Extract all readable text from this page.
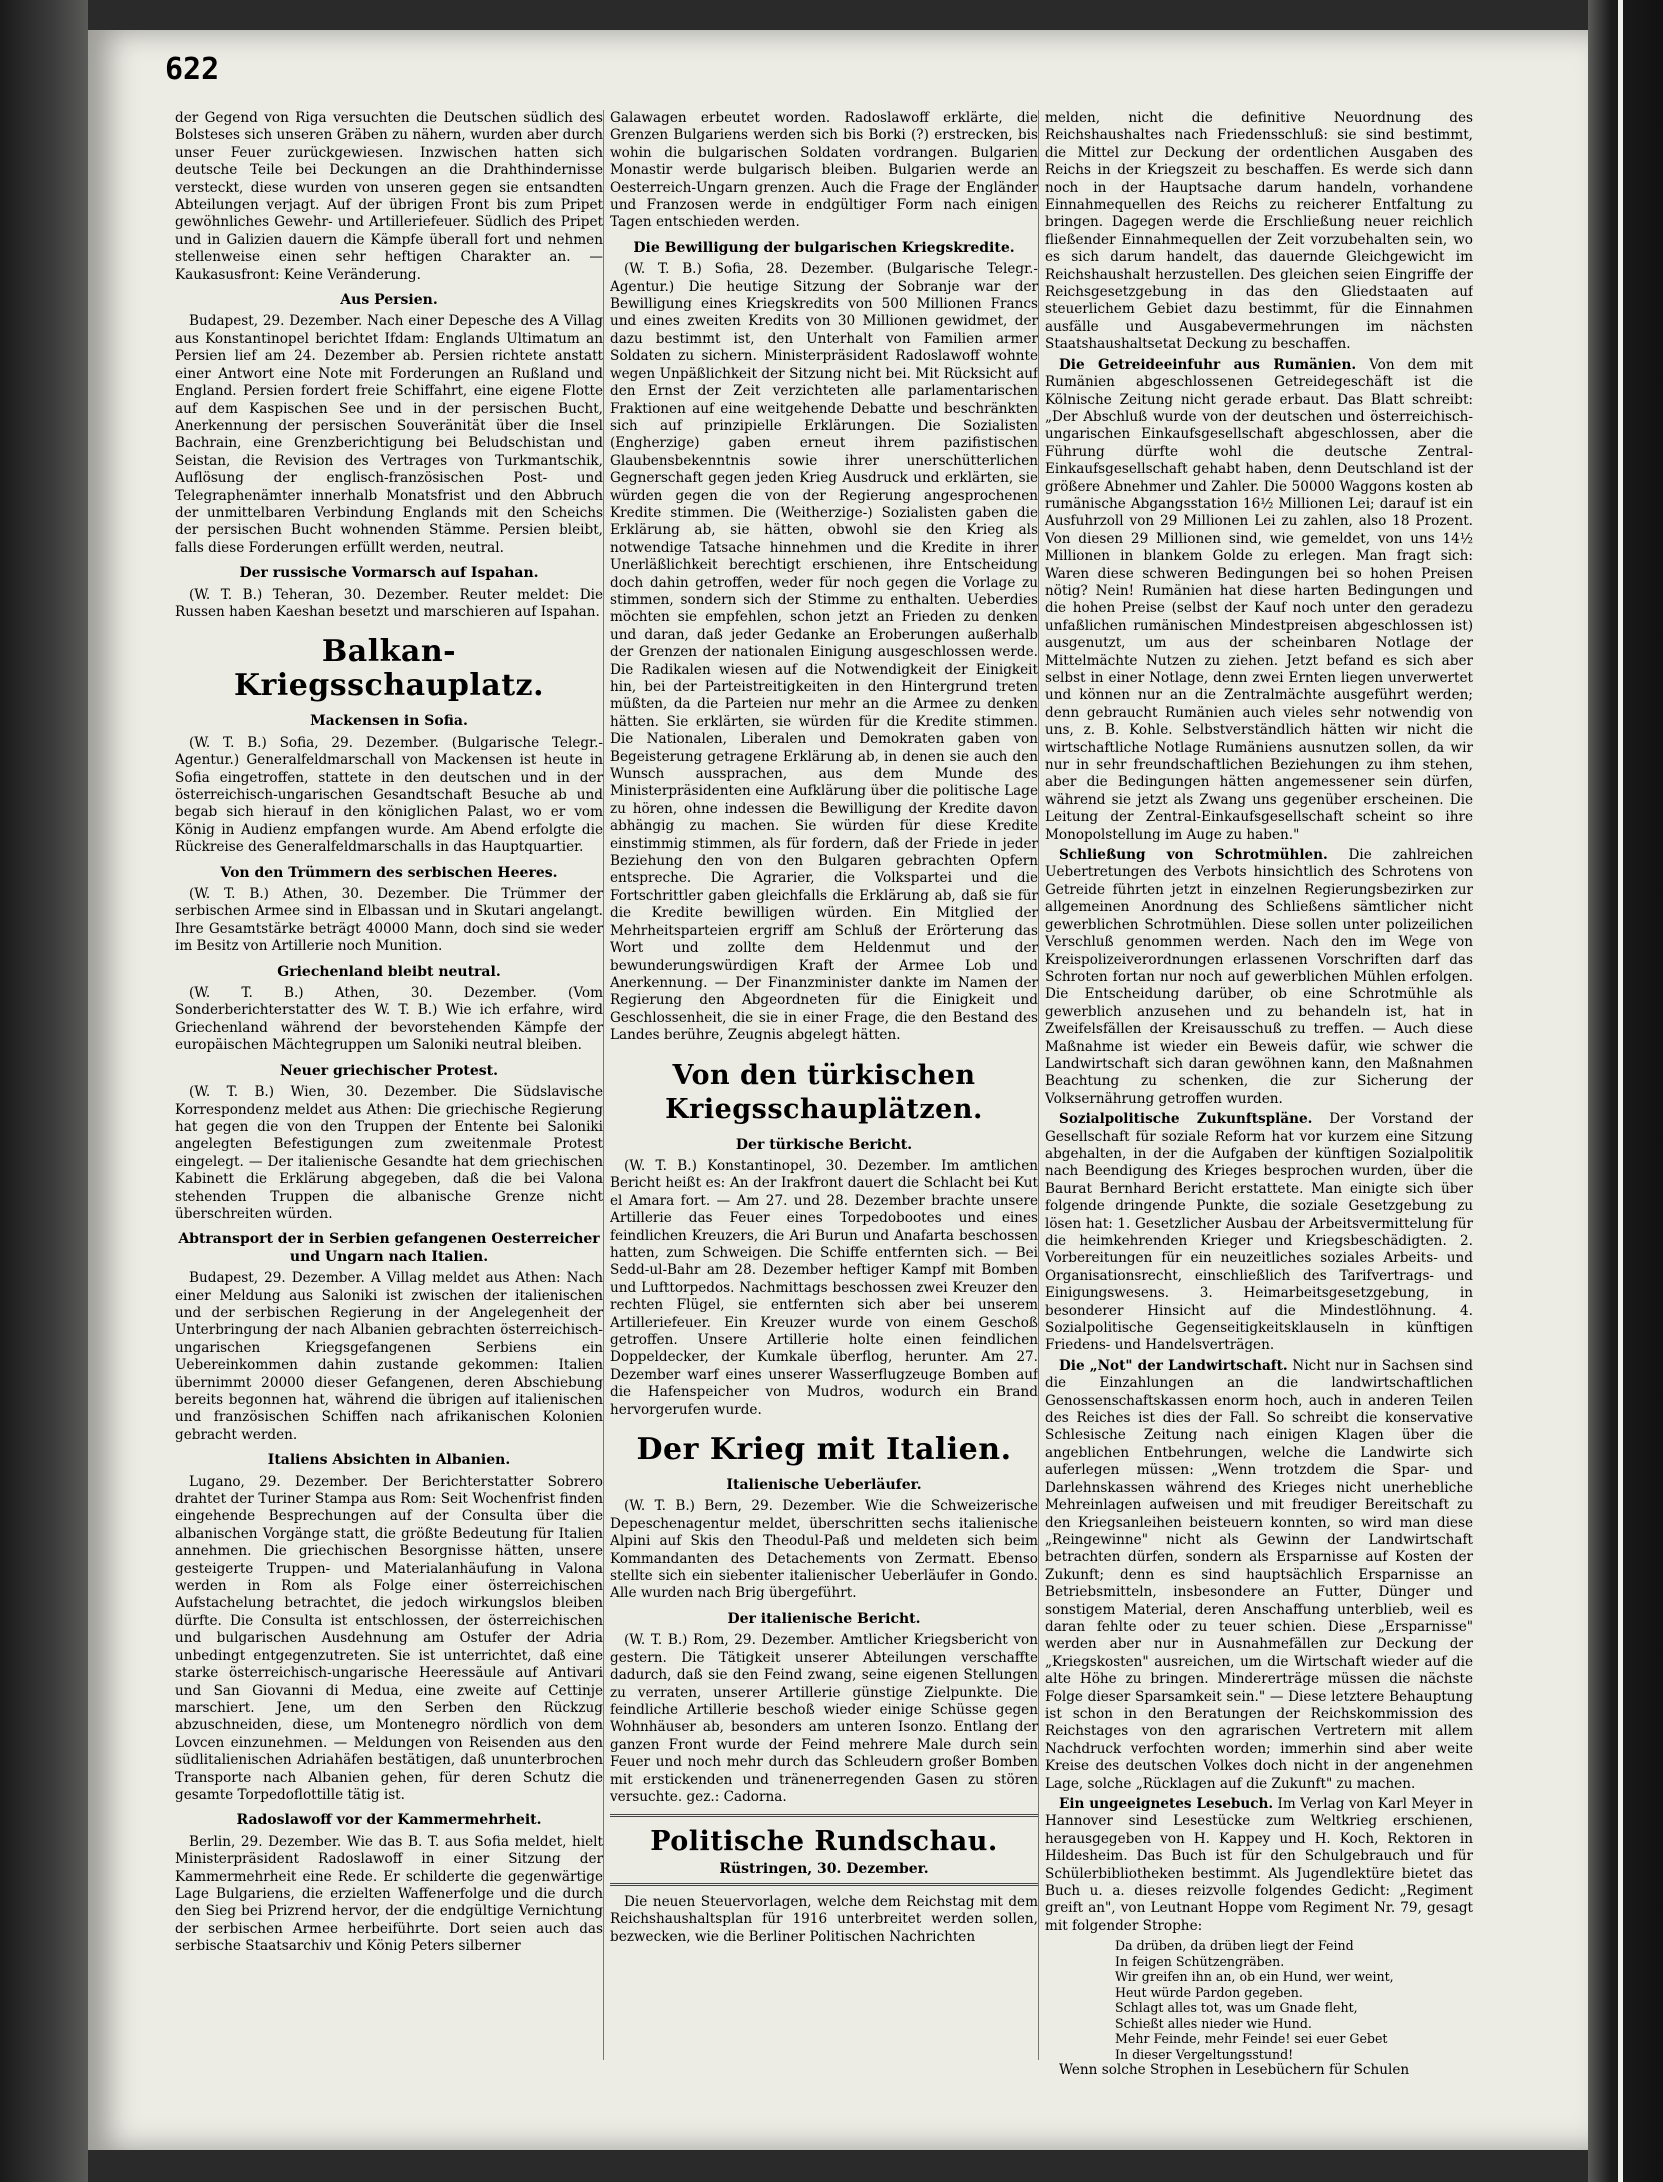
622

der Gegend von Riga versuchten die Deutschen südlich des Bolsteses sich unseren Gräben zu nähern, wurden aber durch unser Feuer zurückgewiesen. Inzwischen hatten sich deutsche Teile bei Deckungen an die Drahthindernisse versteckt, diese wurden von unseren gegen sie entsandten Abteilungen verjagt. Auf der übrigen Front bis zum Pripet gewöhnliches Gewehr- und Artilleriefeuer. Südlich des Pripet und in Galizien dauern die Kämpfe überall fort und nehmen stellenweise einen sehr heftigen Charakter an. — Kaukasusfront: Keine Veränderung.

Aus Persien.

Budapest, 29. Dezember. Nach einer Depesche des A Villag aus Konstantinopel berichtet Ifdam: Englands Ultimatum an Persien lief am 24. Dezember ab. Persien richtete anstatt einer Antwort eine Note mit Forderungen an Rußland und England. Persien fordert freie Schiffahrt, eine eigene Flotte auf dem Kaspischen See und in der persischen Bucht, Anerkennung der persischen Souveränität über die Insel Bachrain, eine Grenzberichtigung bei Beludschistan und Seistan, die Revision des Vertrages von Turkmantschik, Auflösung der englisch-französischen Post- und Telegraphenämter innerhalb Monatsfrist und den Abbruch der unmittelbaren Verbindung Englands mit den Scheichs der persischen Bucht wohnenden Stämme. Persien bleibt, falls diese Forderungen erfüllt werden, neutral.

Der russische Vormarsch auf Ispahan.

(W. T. B.) Teheran, 30. Dezember. Reuter meldet: Die Russen haben Kaeshan besetzt und marschieren auf Ispahan.

Balkan-Kriegsschauplatz.
Mackensen in Sofia.

(W. T. B.) Sofia, 29. Dezember. (Bulgarische Telegr.-Agentur.) Generalfeldmarschall von Mackensen ist heute in Sofia eingetroffen, stattete in den deutschen und in der österreichisch-ungarischen Gesandtschaft Besuche ab und begab sich hierauf in den königlichen Palast, wo er vom König in Audienz empfangen wurde. Am Abend erfolgte die Rückreise des Generalfeldmarschalls in das Hauptquartier.

Von den Trümmern des serbischen Heeres.

(W. T. B.) Athen, 30. Dezember. Die Trümmer der serbischen Armee sind in Elbassan und in Skutari angelangt. Ihre Gesamtstärke beträgt 40000 Mann, doch sind sie weder im Besitz von Artillerie noch Munition.

Griechenland bleibt neutral.

(W. T. B.) Athen, 30. Dezember. (Vom Sonderberichterstatter des W. T. B.) Wie ich erfahre, wird Griechenland während der bevorstehenden Kämpfe der europäischen Mächtegruppen um Saloniki neutral bleiben.

Neuer griechischer Protest.

(W. T. B.) Wien, 30. Dezember. Die Südslavische Korrespondenz meldet aus Athen: Die griechische Regierung hat gegen die von den Truppen der Entente bei Saloniki angelegten Befestigungen zum zweitenmale Protest eingelegt. — Der italienische Gesandte hat dem griechischen Kabinett die Erklärung abgegeben, daß die bei Valona stehenden Truppen die albanische Grenze nicht überschreiten würden.

Abtransport der in Serbien gefangenen Oesterreicher und Ungarn nach Italien.

Budapest, 29. Dezember. A Villag meldet aus Athen: Nach einer Meldung aus Saloniki ist zwischen der italienischen und der serbischen Regierung in der Angelegenheit der Unterbringung der nach Albanien gebrachten österreichisch-ungarischen Kriegsgefangenen Serbiens ein Uebereinkommen dahin zustande gekommen: Italien übernimmt 20000 dieser Gefangenen, deren Abschiebung bereits begonnen hat, während die übrigen auf italienischen und französischen Schiffen nach afrikanischen Kolonien gebracht werden.

Italiens Absichten in Albanien.

Lugano, 29. Dezember. Der Berichterstatter Sobrero drahtet der Turiner Stampa aus Rom: Seit Wochenfrist finden eingehende Besprechungen auf der Consulta über die albanischen Vorgänge statt, die größte Bedeutung für Italien annehmen. Die griechischen Besorgnisse hätten, unsere gesteigerte Truppen- und Materialanhäufung in Valona werden in Rom als Folge einer österreichischen Aufstachelung betrachtet, die jedoch wirkungslos bleiben dürfte. Die Consulta ist entschlossen, der österreichischen und bulgarischen Ausdehnung am Ostufer der Adria unbedingt entgegenzutreten. Sie ist unterrichtet, daß eine starke österreichisch-ungarische Heeressäule auf Antivari und San Giovanni di Medua, eine zweite auf Cettinje marschiert. Jene, um den Serben den Rückzug abzuschneiden, diese, um Montenegro nördlich von dem Lovcen einzunehmen. — Meldungen von Reisenden aus den südlitalienischen Adriahäfen bestätigen, daß ununterbrochen Transporte nach Albanien gehen, für deren Schutz die gesamte Torpedoflottille tätig ist.

Radoslawoff vor der Kammermehrheit.

Berlin, 29. Dezember. Wie das B. T. aus Sofia meldet, hielt Ministerpräsident Radoslawoff in einer Sitzung der Kammermehrheit eine Rede. Er schilderte die gegenwärtige Lage Bulgariens, die erzielten Waffenerfolge und die durch den Sieg bei Prizrend hervor, der die endgültige Vernichtung der serbischen Armee herbeiführte. Dort seien auch das serbische Staatsarchiv und König Peters silberner

Galawagen erbeutet worden. Radoslawoff erklärte, die Grenzen Bulgariens werden sich bis Borki (?) erstrecken, bis wohin die bulgarischen Soldaten vordrangen. Bulgarien Monastir werde bulgarisch bleiben. Bulgarien werde an Oesterreich-Ungarn grenzen. Auch die Frage der Engländer und Franzosen werde in endgültiger Form nach einigen Tagen entschieden werden.

Die Bewilligung der bulgarischen Kriegskredite.

(W. T. B.) Sofia, 28. Dezember. (Bulgarische Telegr.-Agentur.) Die heutige Sitzung der Sobranje war der Bewilligung eines Kriegskredits von 500 Millionen Francs und eines zweiten Kredits von 30 Millionen gewidmet, der dazu bestimmt ist, den Unterhalt von Familien armer Soldaten zu sichern. Ministerpräsident Radoslawoff wohnte wegen Unpäßlichkeit der Sitzung nicht bei. Mit Rücksicht auf den Ernst der Zeit verzichteten alle parlamentarischen Fraktionen auf eine weitgehende Debatte und beschränkten sich auf prinzipielle Erklärungen. Die Sozialisten (Engherzige) gaben erneut ihrem pazifistischen Glaubensbekenntnis sowie ihrer unerschütterlichen Gegnerschaft gegen jeden Krieg Ausdruck und erklärten, sie würden gegen die von der Regierung angesprochenen Kredite stimmen. Die (Weitherzige-) Sozialisten gaben die Erklärung ab, sie hätten, obwohl sie den Krieg als notwendige Tatsache hinnehmen und die Kredite in ihrer Unerläßlichkeit berechtigt erschienen, ihre Entscheidung doch dahin getroffen, weder für noch gegen die Vorlage zu stimmen, sondern sich der Stimme zu enthalten. Ueberdies möchten sie empfehlen, schon jetzt an Frieden zu denken und daran, daß jeder Gedanke an Eroberungen außerhalb der Grenzen der nationalen Einigung ausgeschlossen werde. Die Radikalen wiesen auf die Notwendigkeit der Einigkeit hin, bei der Parteistreitigkeiten in den Hintergrund treten müßten, da die Parteien nur mehr an die Armee zu denken hätten. Sie erklärten, sie würden für die Kredite stimmen. Die Nationalen, Liberalen und Demokraten gaben von Begeisterung getragene Erklärung ab, in denen sie auch den Wunsch aussprachen, aus dem Munde des Ministerpräsidenten eine Aufklärung über die politische Lage zu hören, ohne indessen die Bewilligung der Kredite davon abhängig zu machen. Sie würden für diese Kredite einstimmig stimmen, als für fordern, daß der Friede in jeder Beziehung den von den Bulgaren gebrachten Opfern entspreche. Die Agrarier, die Volkspartei und die Fortschrittler gaben gleichfalls die Erklärung ab, daß sie für die Kredite bewilligen würden. Ein Mitglied der Mehrheitsparteien ergriff am Schluß der Erörterung das Wort und zollte dem Heldenmut und der bewunderungswürdigen Kraft der Armee Lob und Anerkennung. — Der Finanzminister dankte im Namen der Regierung den Abgeordneten für die Einigkeit und Geschlossenheit, die sie in einer Frage, die den Bestand des Landes berühre, Zeugnis abgelegt hätten.

Von den türkischen Kriegsschauplätzen.
Der türkische Bericht.

(W. T. B.) Konstantinopel, 30. Dezember. Im amtlichen Bericht heißt es: An der Irakfront dauert die Schlacht bei Kut el Amara fort. — Am 27. und 28. Dezember brachte unsere Artillerie das Feuer eines Torpedobootes und eines feindlichen Kreuzers, die Ari Burun und Anafarta beschossen hatten, zum Schweigen. Die Schiffe entfernten sich. — Bei Sedd-ul-Bahr am 28. Dezember heftiger Kampf mit Bomben und Lufttorpedos. Nachmittags beschossen zwei Kreuzer den rechten Flügel, sie entfernten sich aber bei unserem Artilleriefeuer. Ein Kreuzer wurde von einem Geschoß getroffen. Unsere Artillerie holte einen feindlichen Doppeldecker, der Kumkale überflog, herunter. Am 27. Dezember warf eines unserer Wasserflugzeuge Bomben auf die Hafenspeicher von Mudros, wodurch ein Brand hervorgerufen wurde.

Der Krieg mit Italien.
Italienische Ueberläufer.

(W. T. B.) Bern, 29. Dezember. Wie die Schweizerische Depeschenagentur meldet, überschritten sechs italienische Alpini auf Skis den Theodul-Paß und meldeten sich beim Kommandanten des Detachements von Zermatt. Ebenso stellte sich ein siebenter italienischer Ueberläufer in Gondo. Alle wurden nach Brig übergeführt.

Der italienische Bericht.

(W. T. B.) Rom, 29. Dezember. Amtlicher Kriegsbericht von gestern. Die Tätigkeit unserer Abteilungen verschaffte dadurch, daß sie den Feind zwang, seine eigenen Stellungen zu verraten, unserer Artillerie günstige Zielpunkte. Die feindliche Artillerie beschoß wieder einige Schüsse gegen Wohnhäuser ab, besonders am unteren Isonzo. Entlang der ganzen Front wurde der Feind mehrere Male durch sein Feuer und noch mehr durch das Schleudern großer Bomben mit erstickenden und tränenerregenden Gasen zu stören versuchte. gez.: Cadorna.

Politische Rundschau.
Rüstringen, 30. Dezember.

Die neuen Steuervorlagen, welche dem Reichstag mit dem Reichshaushaltsplan für 1916 unterbreitet werden sollen, bezwecken, wie die Berliner Politischen Nachrichten

melden, nicht die definitive Neuordnung des Reichshaushaltes nach Friedensschluß: sie sind bestimmt, die Mittel zur Deckung der ordentlichen Ausgaben des Reichs in der Kriegszeit zu beschaffen. Es werde sich dann noch in der Hauptsache darum handeln, vorhandene Einnahmequellen des Reichs zu reicherer Entfaltung zu bringen. Dagegen werde die Erschließung neuer reichlich fließender Einnahmequellen der Zeit vorzubehalten sein, wo es sich darum handelt, das dauernde Gleichgewicht im Reichshaushalt herzustellen. Des gleichen seien Eingriffe der Reichsgesetzgebung in das den Gliedstaaten auf steuerlichem Gebiet dazu bestimmt, für die Einnahmen ausfälle und Ausgabevermehrungen im nächsten Staatshaushaltsetat Deckung zu beschaffen.

Die Getreideeinfuhr aus Rumänien. Von dem mit Rumänien abgeschlossenen Getreidegeschäft ist die Kölnische Zeitung nicht gerade erbaut. Das Blatt schreibt: „Der Abschluß wurde von der deutschen und österreichisch-ungarischen Einkaufsgesellschaft abgeschlossen, aber die Führung dürfte wohl die deutsche Zentral-Einkaufsgesellschaft gehabt haben, denn Deutschland ist der größere Abnehmer und Zahler. Die 50000 Waggons kosten ab rumänische Abgangsstation 16½ Millionen Lei; darauf ist ein Ausfuhrzoll von 29 Millionen Lei zu zahlen, also 18 Prozent. Von diesen 29 Millionen sind, wie gemeldet, von uns 14½ Millionen in blankem Golde zu erlegen. Man fragt sich: Waren diese schweren Bedingungen bei so hohen Preisen nötig? Nein! Rumänien hat diese harten Bedingungen und die hohen Preise (selbst der Kauf noch unter den geradezu unfaßlichen rumänischen Mindestpreisen abgeschlossen ist) ausgenutzt, um aus der scheinbaren Notlage der Mittelmächte Nutzen zu ziehen. Jetzt befand es sich aber selbst in einer Notlage, denn zwei Ernten liegen unverwertet und können nur an die Zentralmächte ausgeführt werden; denn gebraucht Rumänien auch vieles sehr notwendig von uns, z. B. Kohle. Selbstverständlich hätten wir nicht die wirtschaftliche Notlage Rumäniens ausnutzen sollen, da wir nur in sehr freundschaftlichen Beziehungen zu ihm stehen, aber die Bedingungen hätten angemessener sein dürfen, während sie jetzt als Zwang uns gegenüber erscheinen. Die Leitung der Zentral-Einkaufsgesellschaft scheint so ihre Monopolstellung im Auge zu haben."

Schließung von Schrotmühlen. Die zahlreichen Uebertretungen des Verbots hinsichtlich des Schrotens von Getreide führten jetzt in einzelnen Regierungsbezirken zur allgemeinen Anordnung des Schließens sämtlicher nicht gewerblichen Schrotmühlen. Diese sollen unter polizeilichen Verschluß genommen werden. Nach den im Wege von Kreispolizeiverordnungen erlassenen Vorschriften darf das Schroten fortan nur noch auf gewerblichen Mühlen erfolgen. Die Entscheidung darüber, ob eine Schrotmühle als gewerblich anzusehen und zu behandeln ist, hat in Zweifelsfällen der Kreisausschuß zu treffen. — Auch diese Maßnahme ist wieder ein Beweis dafür, wie schwer die Landwirtschaft sich daran gewöhnen kann, den Maßnahmen Beachtung zu schenken, die zur Sicherung der Volksernährung getroffen wurden.

Sozialpolitische Zukunftspläne. Der Vorstand der Gesellschaft für soziale Reform hat vor kurzem eine Sitzung abgehalten, in der die Aufgaben der künftigen Sozialpolitik nach Beendigung des Krieges besprochen wurden, über die Baurat Bernhard Bericht erstattete. Man einigte sich über folgende dringende Punkte, die soziale Gesetzgebung zu lösen hat: 1. Gesetzlicher Ausbau der Arbeitsvermittelung für die heimkehrenden Krieger und Kriegsbeschädigten. 2. Vorbereitungen für ein neuzeitliches soziales Arbeits- und Organisationsrecht, einschließlich des Tarifvertrags- und Einigungswesens. 3. Heimarbeitsgesetzgebung, in besonderer Hinsicht auf die Mindestlöhnung. 4. Sozialpolitische Gegenseitigkeitsklauseln in künftigen Friedens- und Handelsverträgen.

Die „Not" der Landwirtschaft. Nicht nur in Sachsen sind die Einzahlungen an die landwirtschaftlichen Genossenschaftskassen enorm hoch, auch in anderen Teilen des Reiches ist dies der Fall. So schreibt die konservative Schlesische Zeitung nach einigen Klagen über die angeblichen Entbehrungen, welche die Landwirte sich auferlegen müssen: „Wenn trotzdem die Spar- und Darlehnskassen während des Krieges nicht unerhebliche Mehreinlagen aufweisen und mit freudiger Bereitschaft zu den Kriegsanleihen beisteuern konnten, so wird man diese „Reingewinne" nicht als Gewinn der Landwirtschaft betrachten dürfen, sondern als Ersparnisse auf Kosten der Zukunft; denn es sind hauptsächlich Ersparnisse an Betriebsmitteln, insbesondere an Futter, Dünger und sonstigem Material, deren Anschaffung unterblieb, weil es daran fehlte oder zu teuer schien. Diese „Ersparnisse" werden aber nur in Ausnahmefällen zur Deckung der „Kriegskosten" ausreichen, um die Wirtschaft wieder auf die alte Höhe zu bringen. Mindererträge müssen die nächste Folge dieser Sparsamkeit sein." — Diese letztere Behauptung ist schon in den Beratungen der Reichskommission des Reichstages von den agrarischen Vertretern mit allem Nachdruck verfochten worden; immerhin sind aber weite Kreise des deutschen Volkes doch nicht in der angenehmen Lage, solche „Rücklagen auf die Zukunft" zu machen.

Ein ungeeignetes Lesebuch. Im Verlag von Karl Meyer in Hannover sind Lesestücke zum Weltkrieg erschienen, herausgegeben von H. Kappey und H. Koch, Rektoren in Hildesheim. Das Buch ist für den Schulgebrauch und für Schülerbibliotheken bestimmt. Als Jugendlektüre bietet das Buch u. a. dieses reizvolle folgendes Gedicht: „Regiment greift an", von Leutnant Hoppe vom Regiment Nr. 79, gesagt mit folgender Strophe:

Da drüben, da drüben liegt der Feind

In feigen Schützengräben.

Wir greifen ihn an, ob ein Hund, wer weint,

Heut würde Pardon gegeben.

Schlagt alles tot, was um Gnade fleht,

Schießt alles nieder wie Hund.

Mehr Feinde, mehr Feinde! sei euer Gebet

In dieser Vergeltungsstund!

Wenn solche Strophen in Lesebüchern für Schulen
